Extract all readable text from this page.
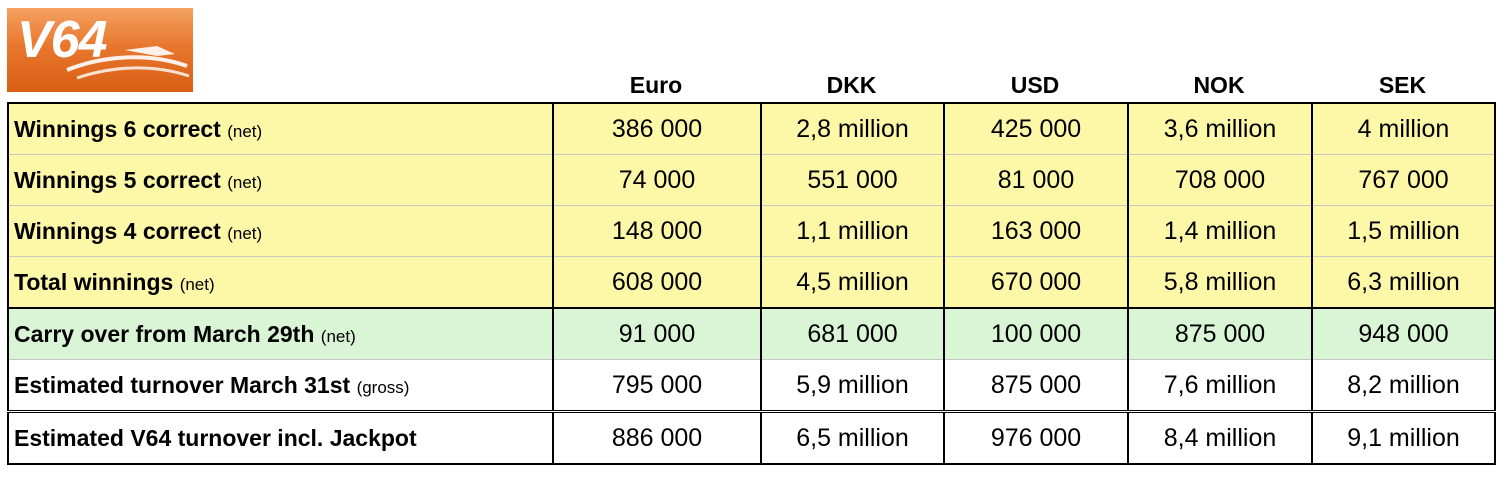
V64
Euro	DKK	USD	NOK	SEK
Winnings 6 correct (net)	386 000	2,8 million	425 000	3,6 million	4 million
Winnings 5 correct (net)	74 000	551 000	81 000	708 000	767 000
Winnings 4 correct (net)	148 000	1,1 million	163 000	1,4 million	1,5 million
Total winnings (net)	608 000	4,5 million	670 000	5,8 million	6,3 million
Carry over from March 29th (net)	91 000	681 000	100 000	875 000	948 000
Estimated turnover March 31st (gross)	795 000	5,9 million	875 000	7,6 million	8,2 million
Estimated V64 turnover incl. Jackpot	886 000	6,5 million	976 000	8,4 million	9,1 million
